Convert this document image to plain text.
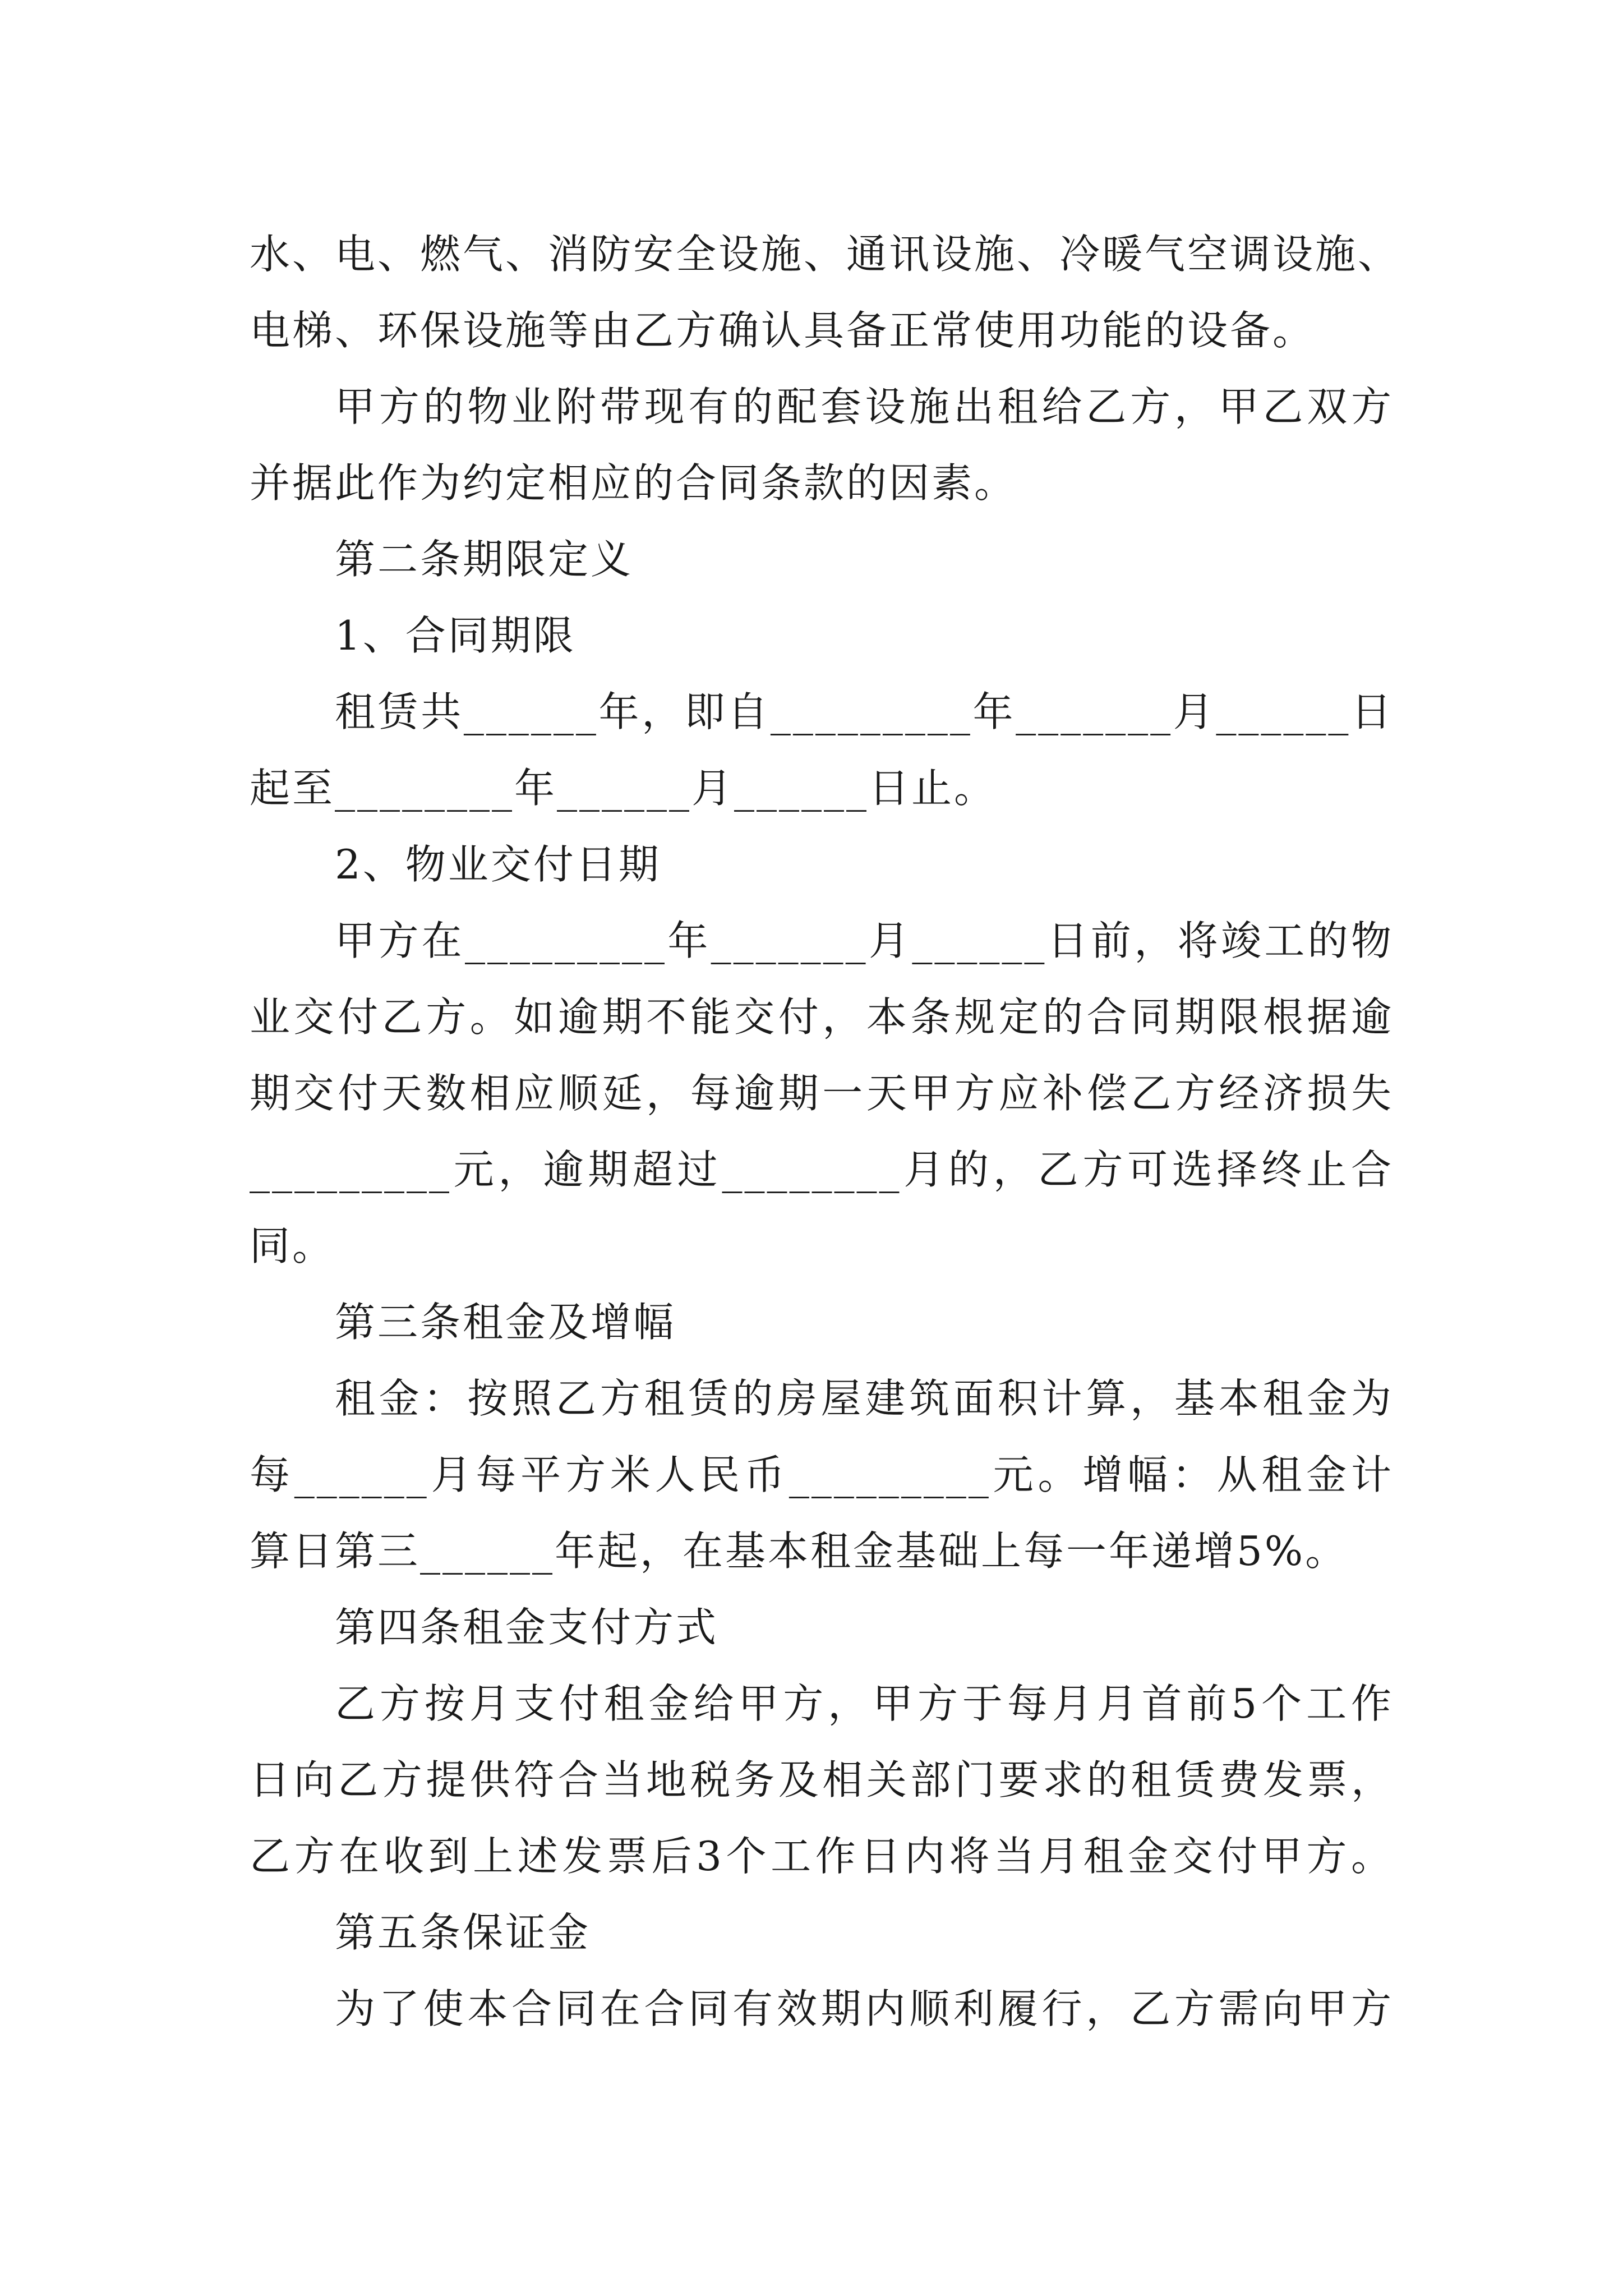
水、电、燃气、消防安全设施、通讯设施、冷暖气空调设施、
电梯、环保设施等由乙方确认具备正常使用功能的设备。
甲方的物业附带现有的配套设施出租给乙方，甲乙双方
并据此作为约定相应的合同条款的因素。
第二条期限定义
1、合同期限
租赁共______年，即自_________年_______月______日
起至________年______月______日止。
2、物业交付日期
甲方在_________年_______月______日前，将竣工的物
业交付乙方。如逾期不能交付，本条规定的合同期限根据逾
期交付天数相应顺延，每逾期一天甲方应补偿乙方经济损失
_________元，逾期超过________月的，乙方可选择终止合
同。
第三条租金及增幅
租金：按照乙方租赁的房屋建筑面积计算，基本租金为
每______月每平方米人民币_________元。增幅：从租金计
算日第三______年起，在基本租金基础上每一年递增5%。
第四条租金支付方式
乙方按月支付租金给甲方，甲方于每月月首前5个工作
日向乙方提供符合当地税务及相关部门要求的租赁费发票，
乙方在收到上述发票后3个工作日内将当月租金交付甲方。
第五条保证金
为了使本合同在合同有效期内顺利履行，乙方需向甲方
